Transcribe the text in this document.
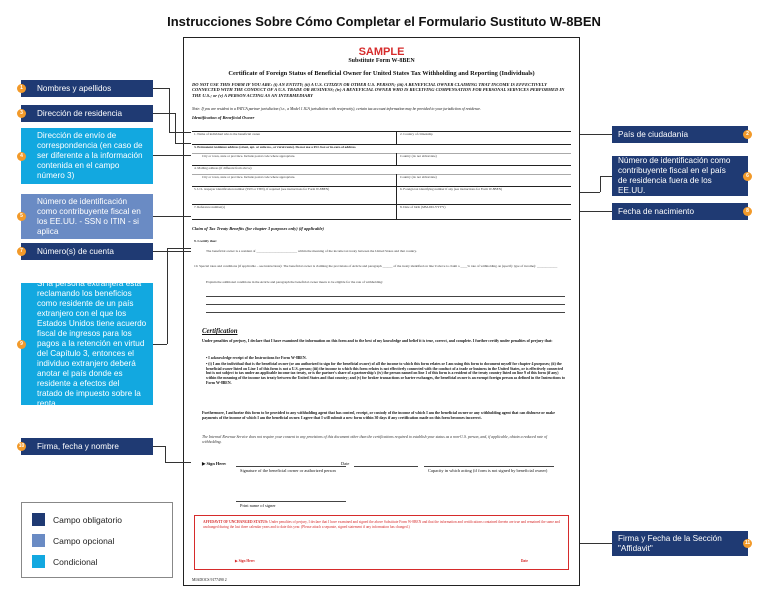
Instrucciones Sobre Cómo Completar el Formulario Sustituto W-8BEN
SAMPLE
Substitute Form W-8BEN
Certificate of Foreign Status of Beneficial Owner for United States Tax Withholding and Reporting (Individuals)
DO NOT USE THIS FORM IF YOU ARE: (i) AN ENTITY; (ii) A U.S. CITIZEN OR OTHER U.S. PERSON; (iii) A BENEFICIAL OWNER CLAIMING THAT INCOME IS EFFECTIVELY CONNECTED WITH THE CONDUCT OF A U.S. TRADE OR BUSINESS; (iv) A BENEFICIAL OWNER WHO IS RECEIVING COMPENSATION FOR PERSONAL SERVICES PERFORMED IN THE U.S.; or (v) A PERSON ACTING AS AN INTERMEDIARY
Note: If you are resident in a FATCA partner jurisdiction (i.e., a Model 1 IGA jurisdiction with reciprocity), certain tax account information may be provided to your jurisdiction of residence.
Identification of Beneficial Owner
1. Name of individual who is the beneficial owner	2. Country of citizenship
3. Permanent residence address (street, apt. or suite no., or rural route). Do not use a P.O. box or in-care-of address.
City or town, state or province. Include postal code where appropriate.	Country (do not abbreviate)
4. Mailing address (if different from above)
City or town, state or province. Include postal code where appropriate.	Country (do not abbreviate)
5. U.S. taxpayer identification number (SSN or ITIN), if required (see instructions for Form W-8BEN)	6. Foreign tax identifying number if any (see instructions for Form W-8BEN)
7. Reference number(s)	8. Date of birth (MM-DD-YYYY)
Claim of Tax Treaty Benefits (for chapter 3 purposes only) (if applicable)
9. I certify that:
The beneficial owner is a resident of ________________________ within the meaning of the income tax treaty between the United States and that country.
10. Special rates and conditions (if applicable – see instructions): The beneficial owner is claiming the provisions of Article and paragraph ______ of the treaty identified on line 9 above to claim a ____% rate of withholding on (specify type of income): ____________
Explain the additional conditions in the Article and paragraph the beneficial owner meets to be eligible for the rate of withholding:
Certification
Under penalties of perjury, I declare that I have examined the information on this form and to the best of my knowledge and belief it is true, correct, and complete. I further certify under penalties of perjury that:
• I acknowledge receipt of the Instructions for Form W-8BEN.
• (i) I am the individual that is the beneficial owner (or am authorized to sign for the beneficial owner) of all the income to which this form relates or I am using this form to document myself for chapter 4 purposes; (ii) the beneficial owner listed on Line 1 of this form is not a U.S. person; (iii) the income to which this form relates is not effectively connected with the conduct of a trade or business in the United States, or is effectively connected but is not subject to tax under an applicable income tax treaty, or is the partner's share of a partnership's (iv) the person named on line 1 of this form is a resident of the treaty country listed on line 9 of this form (if any) within the meaning of the income tax treaty between the United States and that country; and (v) for broker transactions or barter exchanges, the beneficial owner is an exempt foreign person as defined in the Instructions to Form W-8BEN.
Furthermore, I authorize this form to be provided to any withholding agent that has control, receipt, or custody of the income of which I am the beneficial owner or any withholding agent that can disburse or make payments of the income of which I am the beneficial owner. I agree that I will submit a new form within 30 days if any certification made on this form becomes incorrect.
The Internal Revenue Service does not require your consent to any provisions of this document other than the certifications required to establish your status as a non-U.S. person, and, if applicable, obtain a reduced rate of withholding.
▶ Sign Here:
Signature of the beneficial owner or authorized person
Date
Capacity in which acting (if form is not signed by beneficial owner)
Print name of signer
AFFIDAVIT OF UNCHANGED STATUS: Under penalties of perjury, I declare that I have examined and signed the above Substitute Form W-8BEN and that the information and certifications contained therein are true and remained the same and unchanged during the last three calendar years and to date this year. (Please attach a separate, signed statement if any information has changed.)
▶ Sign Here:	Date
MIADOCS 9177490 2
1	Nombres y apellidos
3	Dirección de residencia
4
Dirección de envío de correspondencia (en caso de ser diferente a la información contenida en el campo número 3)
5
Número de identificación como contribuyente fiscal en los EE.UU. - SSN o ITIN - si aplica
7	Número(s) de cuenta
9
Si la persona extranjera está reclamando los beneficios como residente de un país extranjero con el que los Estados Unidos tiene acuerdo fiscal de ingresos para los pagos a la retención en virtud del Capítulo 3, entonces el individuo extranjero deberá anotar el país donde es residente a efectos del tratado de impuesto sobre la renta
10 Firma, fecha y nombre
País de ciudadanía	2
Número de identificación como contribuyente fiscal en el país de residencia fuera de los EE.UU.
6
Fecha de nacimiento	8
Firma y Fecha de la Sección "Affidavit"
11
Campo obligatorio
Campo opcional
Condicional
